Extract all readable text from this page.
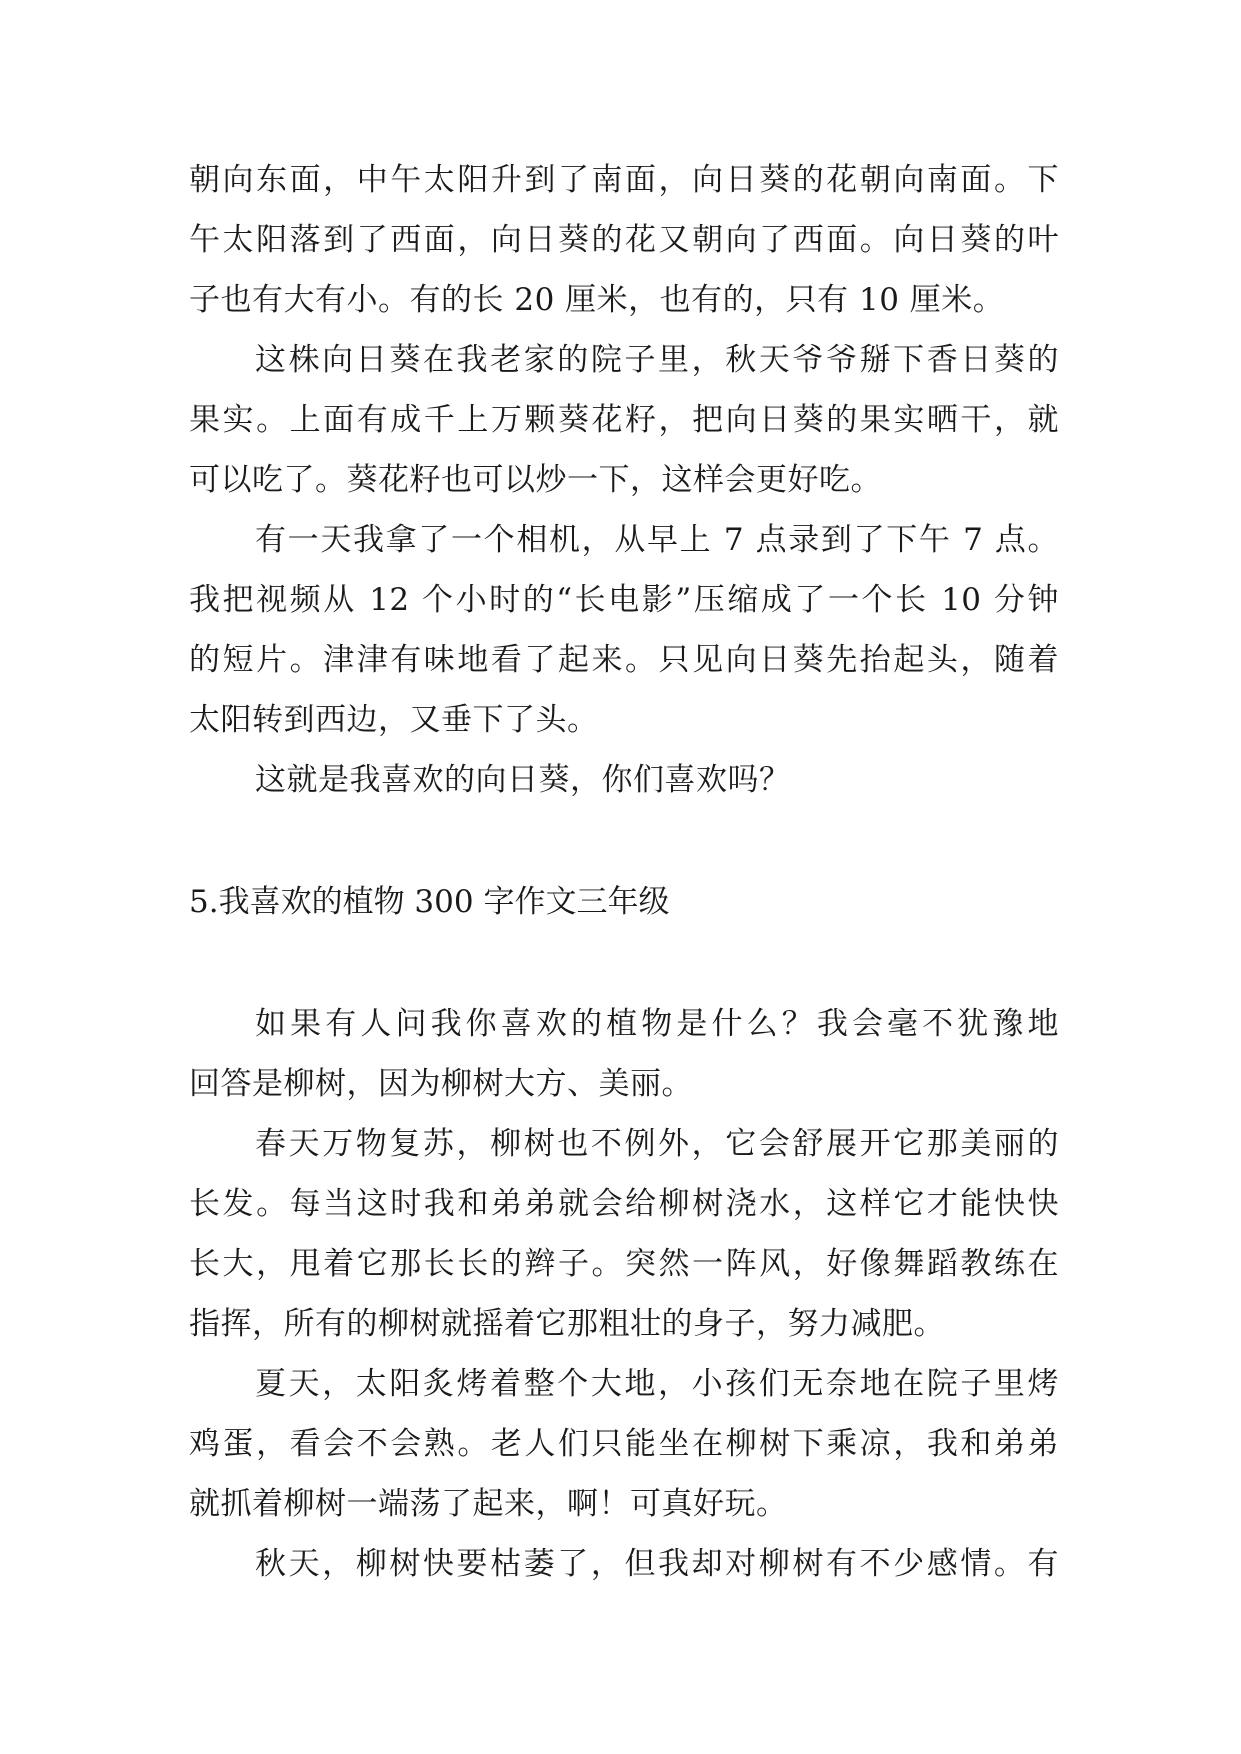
朝向东面，中午太阳升到了南面，向日葵的花朝向南面。下
午太阳落到了西面，向日葵的花又朝向了西面。向日葵的叶
子也有大有小。有的长 20 厘米，也有的，只有 10 厘米。
这株向日葵在我老家的院子里，秋天爷爷掰下香日葵的
果实。上面有成千上万颗葵花籽，把向日葵的果实晒干，就
可以吃了。葵花籽也可以炒一下，这样会更好吃。
有一天我拿了一个相机，从早上 7 点录到了下午 7 点。
我把视频从 12 个小时的“长电影”压缩成了一个长 10 分钟
的短片。津津有味地看了起来。只见向日葵先抬起头，随着
太阳转到西边，又垂下了头。
这就是我喜欢的向日葵，你们喜欢吗？
5.我喜欢的植物 300 字作文三年级
如果有人问我你喜欢的植物是什么？我会毫不犹豫地
回答是柳树，因为柳树大方、美丽。
春天万物复苏，柳树也不例外，它会舒展开它那美丽的
长发。每当这时我和弟弟就会给柳树浇水，这样它才能快快
长大，甩着它那长长的辫子。突然一阵风，好像舞蹈教练在
指挥，所有的柳树就摇着它那粗壮的身子，努力减肥。
夏天，太阳炙烤着整个大地，小孩们无奈地在院子里烤
鸡蛋，看会不会熟。老人们只能坐在柳树下乘凉，我和弟弟
就抓着柳树一端荡了起来，啊！可真好玩。
秋天，柳树快要枯萎了，但我却对柳树有不少感情。有
